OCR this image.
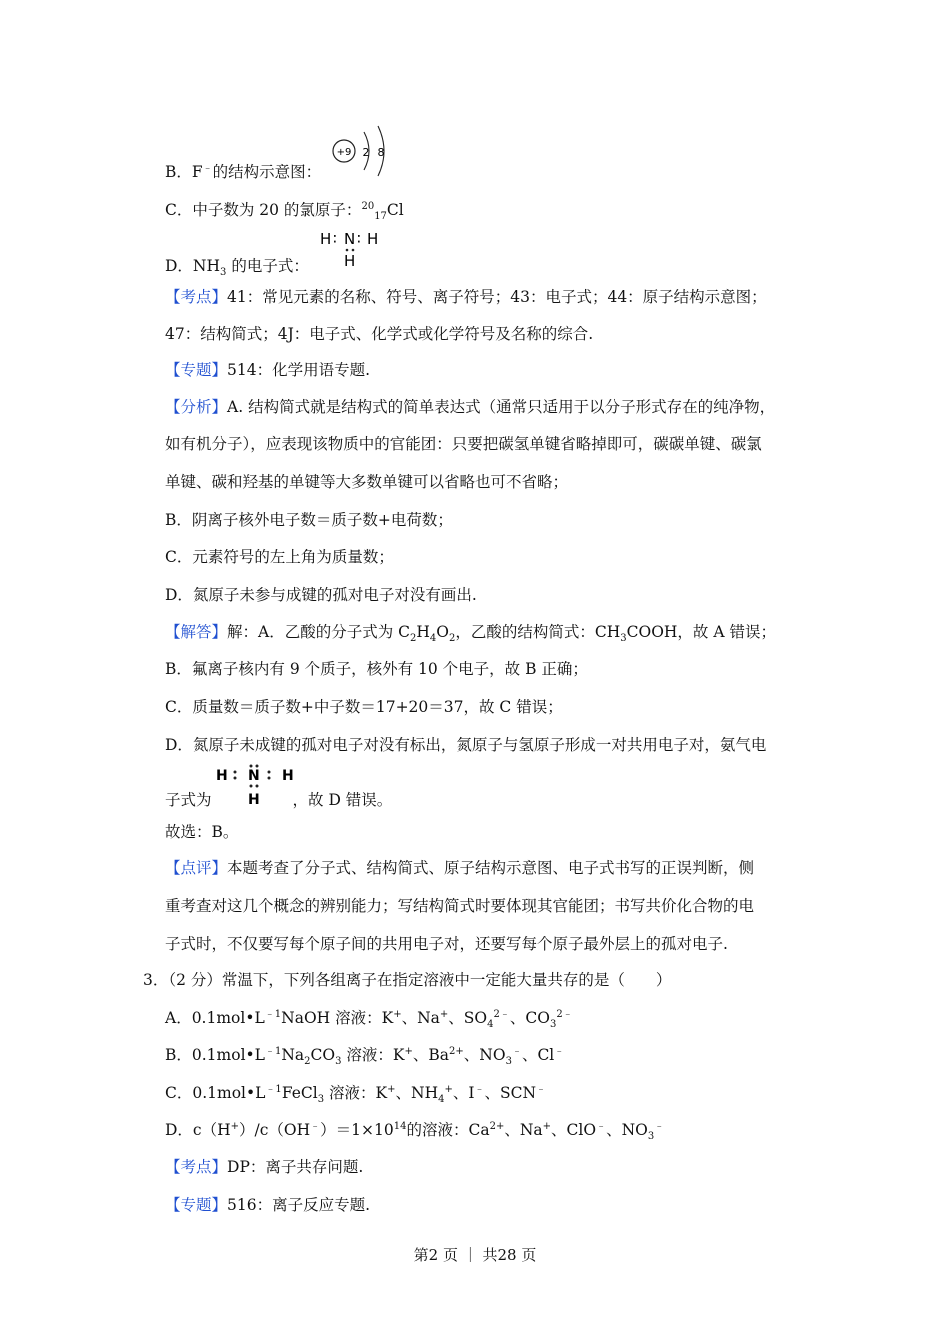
B．F﹣的结构示意图：
+9 2 8
C．中子数为 20 的氯原子：$^{20}_{17}$Cl
D．$NH_3$ 的电子式：
H ∶ N ∶ H
H
【考点】41：常见元素的名称、符号、离子符号；43：电子式；44：原子结构示意图；
47：结构简式；4J：电子式、化学式或化学符号及名称的综合.
【专题】514：化学用语专题.
【分析】A. 结构简式就是结构式的简单表达式（通常只适用于以分子形式存在的纯净物，
如有机分子），应表现该物质中的官能团：只要把碳氢单键省略掉即可，碳碳单键、碳氯
单键、碳和羟基的单键等大多数单键可以省略也可不省略；
B．阴离子核外电子数＝质子数+电荷数；
C．元素符号的左上角为质量数；
D．氮原子未参与成键的孤对电子对没有画出.
【解答】解：A．乙酸的分子式为 $C_2H_4O_2$，乙酸的结构简式：$CH_3COOH$，故 A 错误；
B．氟离子核内有 9 个质子，核外有 10 个电子，故 B 正确；
C．质量数＝质子数+中子数＝17+20＝37，故 C 错误；
D．氮原子未成键的孤对电子对没有标出，氮原子与氢原子形成一对共用电子对，氨气电
子式为	，故 D 错误。
H N H
H
故选：B。
【点评】本题考查了分子式、结构简式、原子结构示意图、电子式书写的正误判断，侧
重考查对这几个概念的辨别能力；写结构简式时要体现其官能团；书写共价化合物的电
子式时，不仅要写每个原子间的共用电子对，还要写每个原子最外层上的孤对电子.
3．（2 分）常温下，下列各组离子在指定溶液中一定能大量共存的是（　　）
A．$0.1mol•L^{﹣1}NaOH$ 溶液：K+、Na+、$SO_4^{2﹣}$、$CO_3^{2﹣}$
B．$0.1mol•L^{﹣1}Na_2CO_3$ 溶液：K+、$Ba^{2+}$、$NO_3^﹣$、Cl﹣
C．$0.1mol•L^{﹣1}FeCl_3$ 溶液：K+、$NH_4^+$、I﹣、SCN﹣
D．$c(H^+)/c(OH^﹣)=1\times 10^{14}$的溶液：$Ca^{2+}$、Na+、ClO﹣、$NO_3^﹣$
【考点】DP：离子共存问题.
【专题】516：离子反应专题.
第2 页 ｜ 共28 页
